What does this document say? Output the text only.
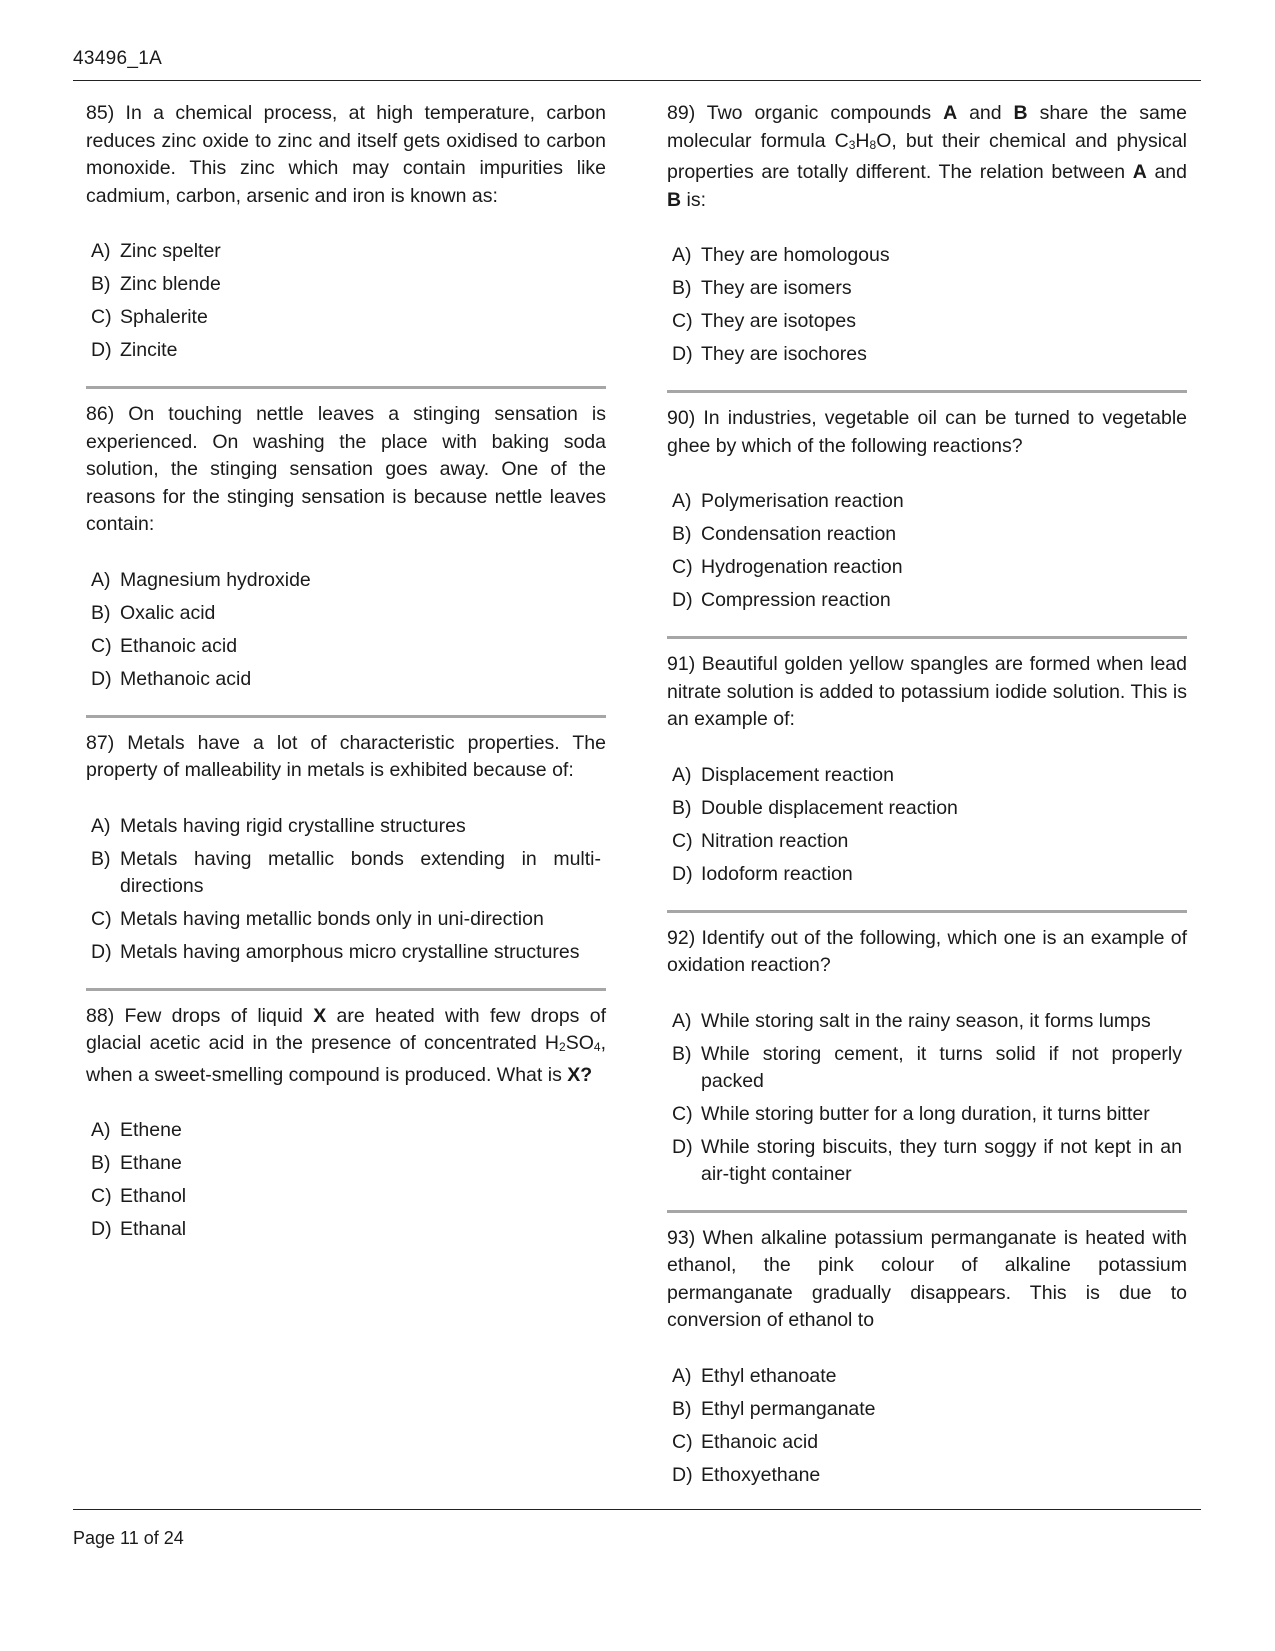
43496_1A

85) In a chemical process, at high temperature, carbon reduces zinc oxide to zinc and itself gets oxidised to carbon monoxide. This zinc which may contain impurities like cadmium, carbon, arsenic and iron is known as:

A) Zinc spelter
B) Zinc blende
C) Sphalerite
D) Zincite

86) On touching nettle leaves a stinging sensation is experienced. On washing the place with baking soda solution, the stinging sensation goes away. One of the reasons for the stinging sensation is because nettle leaves contain:

A) Magnesium hydroxide
B) Oxalic acid
C) Ethanoic acid
D) Methanoic acid

87) Metals have a lot of characteristic properties. The property of malleability in metals is exhibited because of:

A) Metals having rigid crystalline structures
B) Metals having metallic bonds extending in multi-directions
C) Metals having metallic bonds only in uni-direction
D) Metals having amorphous micro crystalline structures

88) Few drops of liquid X are heated with few drops of glacial acetic acid in the presence of concentrated $H_2SO_4$, when a sweet-smelling compound is produced. What is X?

A) Ethene
B) Ethane
C) Ethanol
D) Ethanal

89) Two organic compounds A and B share the same molecular formula $C_3H_8O$, but their chemical and physical properties are totally different. The relation between A and B is:

A) They are homologous
B) They are isomers
C) They are isotopes
D) They are isochores

90) In industries, vegetable oil can be turned to vegetable ghee by which of the following reactions?

A) Polymerisation reaction
B) Condensation reaction
C) Hydrogenation reaction
D) Compression reaction

91) Beautiful golden yellow spangles are formed when lead nitrate solution is added to potassium iodide solution. This is an example of:

A) Displacement reaction
B) Double displacement reaction
C) Nitration reaction
D) Iodoform reaction

92) Identify out of the following, which one is an example of oxidation reaction?

A) While storing salt in the rainy season, it forms lumps
B) While storing cement, it turns solid if not properly packed
C) While storing butter for a long duration, it turns bitter
D) While storing biscuits, they turn soggy if not kept in an air-tight container

93) When alkaline potassium permanganate is heated with ethanol, the pink colour of alkaline potassium permanganate gradually disappears. This is due to conversion of ethanol to

A) Ethyl ethanoate
B) Ethyl permanganate
C) Ethanoic acid
D) Ethoxyethane
Page 11 of 24
